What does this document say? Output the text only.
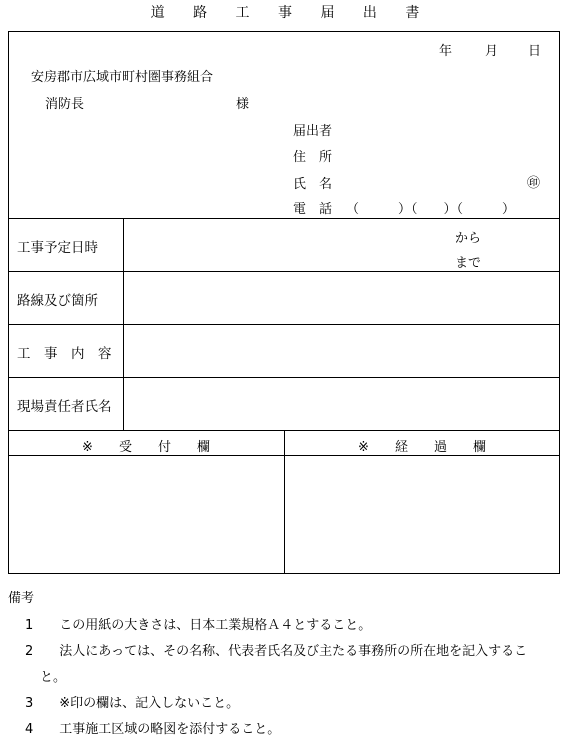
道 路 工 事 届 出 書
年	月 日
安房郡市広域市町村圏事務組合
消防長	様
届出者
住　所
氏　名	㊞
電　話 （　　　）（　　）（　　　）
工事予定日時
から
まで
路線及び箇所
工　事　内　容
現場責任者氏名
※　　受　　付　　欄	※　　経　　過　　欄
備考
1　　この用紙の大きさは、日本工業規格Ａ４とすること。
2　　法人にあっては、その名称、代表者氏名及び主たる事務所の所在地を記入するこ
と。
3　　※印の欄は、記入しないこと。
4　　工事施工区域の略図を添付すること。
